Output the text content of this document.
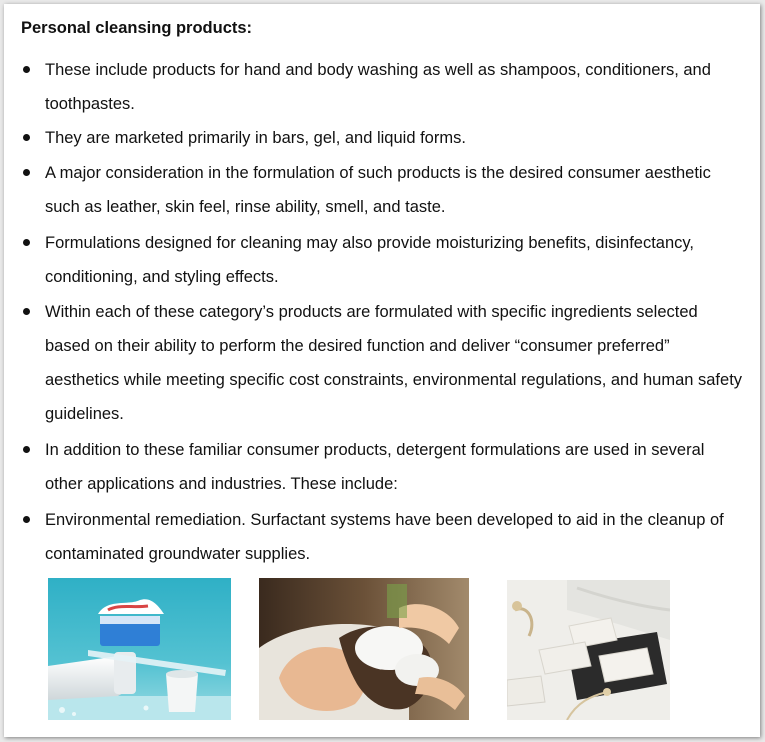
Personal cleansing products:
These include products for hand and body washing as well as shampoos, conditioners, and toothpastes.
They are marketed primarily in bars, gel, and liquid forms.
A major consideration in the formulation of such products is the desired consumer aesthetic such as leather, skin feel, rinse ability, smell, and taste.
Formulations designed for cleaning may also provide moisturizing benefits, disinfectancy, conditioning, and styling effects.
Within each of these category’s products are formulated with specific ingredients selected based on their ability to perform the desired function and deliver “consumer preferred” aesthetics while meeting specific cost constraints, environmental regulations, and human safety guidelines.
In addition to these familiar consumer products, detergent formulations are used in several other applications and industries. These include:
Environmental remediation. Surfactant systems have been developed to aid in the cleanup of contaminated groundwater supplies.
